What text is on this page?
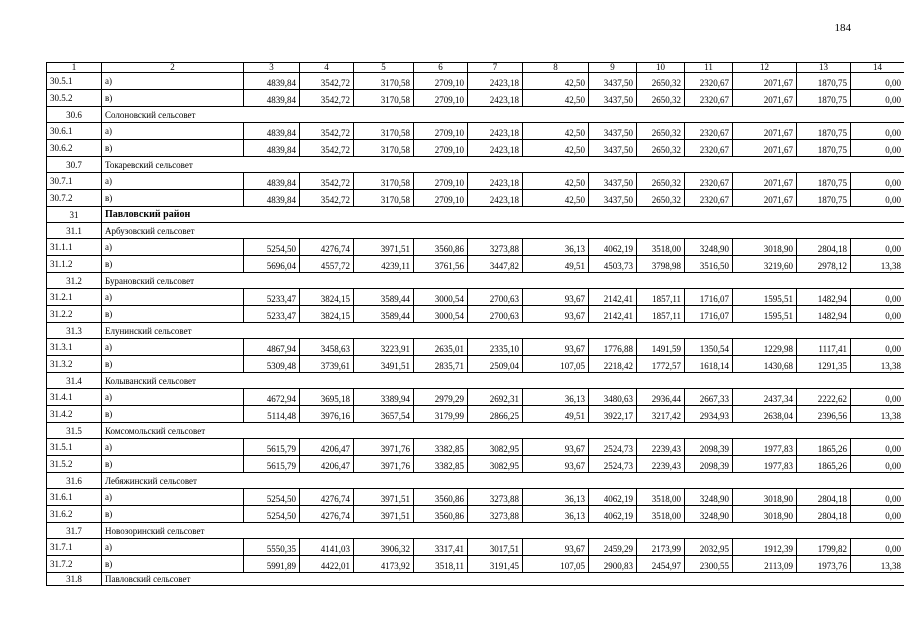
184
1	2	3	4	5	6	7	8	9	10	11	12	13	14
30.5.1	а)	4839,84	3542,72	3170,58	2709,10	2423,18	42,50	3437,50	2650,32	2320,67	2071,67	1870,75	0,00
30.5.2	в)	4839,84	3542,72	3170,58	2709,10	2423,18	42,50	3437,50	2650,32	2320,67	2071,67	1870,75	0,00
30.6	Солоновский сельсовет												
30.6.1	а)	4839,84	3542,72	3170,58	2709,10	2423,18	42,50	3437,50	2650,32	2320,67	2071,67	1870,75	0,00
30.6.2	в)	4839,84	3542,72	3170,58	2709,10	2423,18	42,50	3437,50	2650,32	2320,67	2071,67	1870,75	0,00
30.7	Токаревский сельсовет												
30.7.1	а)	4839,84	3542,72	3170,58	2709,10	2423,18	42,50	3437,50	2650,32	2320,67	2071,67	1870,75	0,00
30.7.2	в)	4839,84	3542,72	3170,58	2709,10	2423,18	42,50	3437,50	2650,32	2320,67	2071,67	1870,75	0,00
31	Павловский район												
31.1	Арбузовский сельсовет												
31.1.1	а)	5254,50	4276,74	3971,51	3560,86	3273,88	36,13	4062,19	3518,00	3248,90	3018,90	2804,18	0,00
31.1.2	в)	5696,04	4557,72	4239,11	3761,56	3447,82	49,51	4503,73	3798,98	3516,50	3219,60	2978,12	13,38
31.2	Бурановский сельсовет												
31.2.1	а)	5233,47	3824,15	3589,44	3000,54	2700,63	93,67	2142,41	1857,11	1716,07	1595,51	1482,94	0,00
31.2.2	в)	5233,47	3824,15	3589,44	3000,54	2700,63	93,67	2142,41	1857,11	1716,07	1595,51	1482,94	0,00
31.3	Елунинский сельсовет												
31.3.1	а)	4867,94	3458,63	3223,91	2635,01	2335,10	93,67	1776,88	1491,59	1350,54	1229,98	1117,41	0,00
31.3.2	в)	5309,48	3739,61	3491,51	2835,71	2509,04	107,05	2218,42	1772,57	1618,14	1430,68	1291,35	13,38
31.4	Колыванский сельсовет												
31.4.1	а)	4672,94	3695,18	3389,94	2979,29	2692,31	36,13	3480,63	2936,44	2667,33	2437,34	2222,62	0,00
31.4.2	в)	5114,48	3976,16	3657,54	3179,99	2866,25	49,51	3922,17	3217,42	2934,93	2638,04	2396,56	13,38
31.5	Комсомольский сельсовет												
31.5.1	а)	5615,79	4206,47	3971,76	3382,85	3082,95	93,67	2524,73	2239,43	2098,39	1977,83	1865,26	0,00
31.5.2	в)	5615,79	4206,47	3971,76	3382,85	3082,95	93,67	2524,73	2239,43	2098,39	1977,83	1865,26	0,00
31.6	Лебяжинский сельсовет												
31.6.1	а)	5254,50	4276,74	3971,51	3560,86	3273,88	36,13	4062,19	3518,00	3248,90	3018,90	2804,18	0,00
31.6.2	в)	5254,50	4276,74	3971,51	3560,86	3273,88	36,13	4062,19	3518,00	3248,90	3018,90	2804,18	0,00
31.7	Новозоринский сельсовет												
31.7.1	а)	5550,35	4141,03	3906,32	3317,41	3017,51	93,67	2459,29	2173,99	2032,95	1912,39	1799,82	0,00
31.7.2	в)	5991,89	4422,01	4173,92	3518,11	3191,45	107,05	2900,83	2454,97	2300,55	2113,09	1973,76	13,38
31.8	Павловский сельсовет												
